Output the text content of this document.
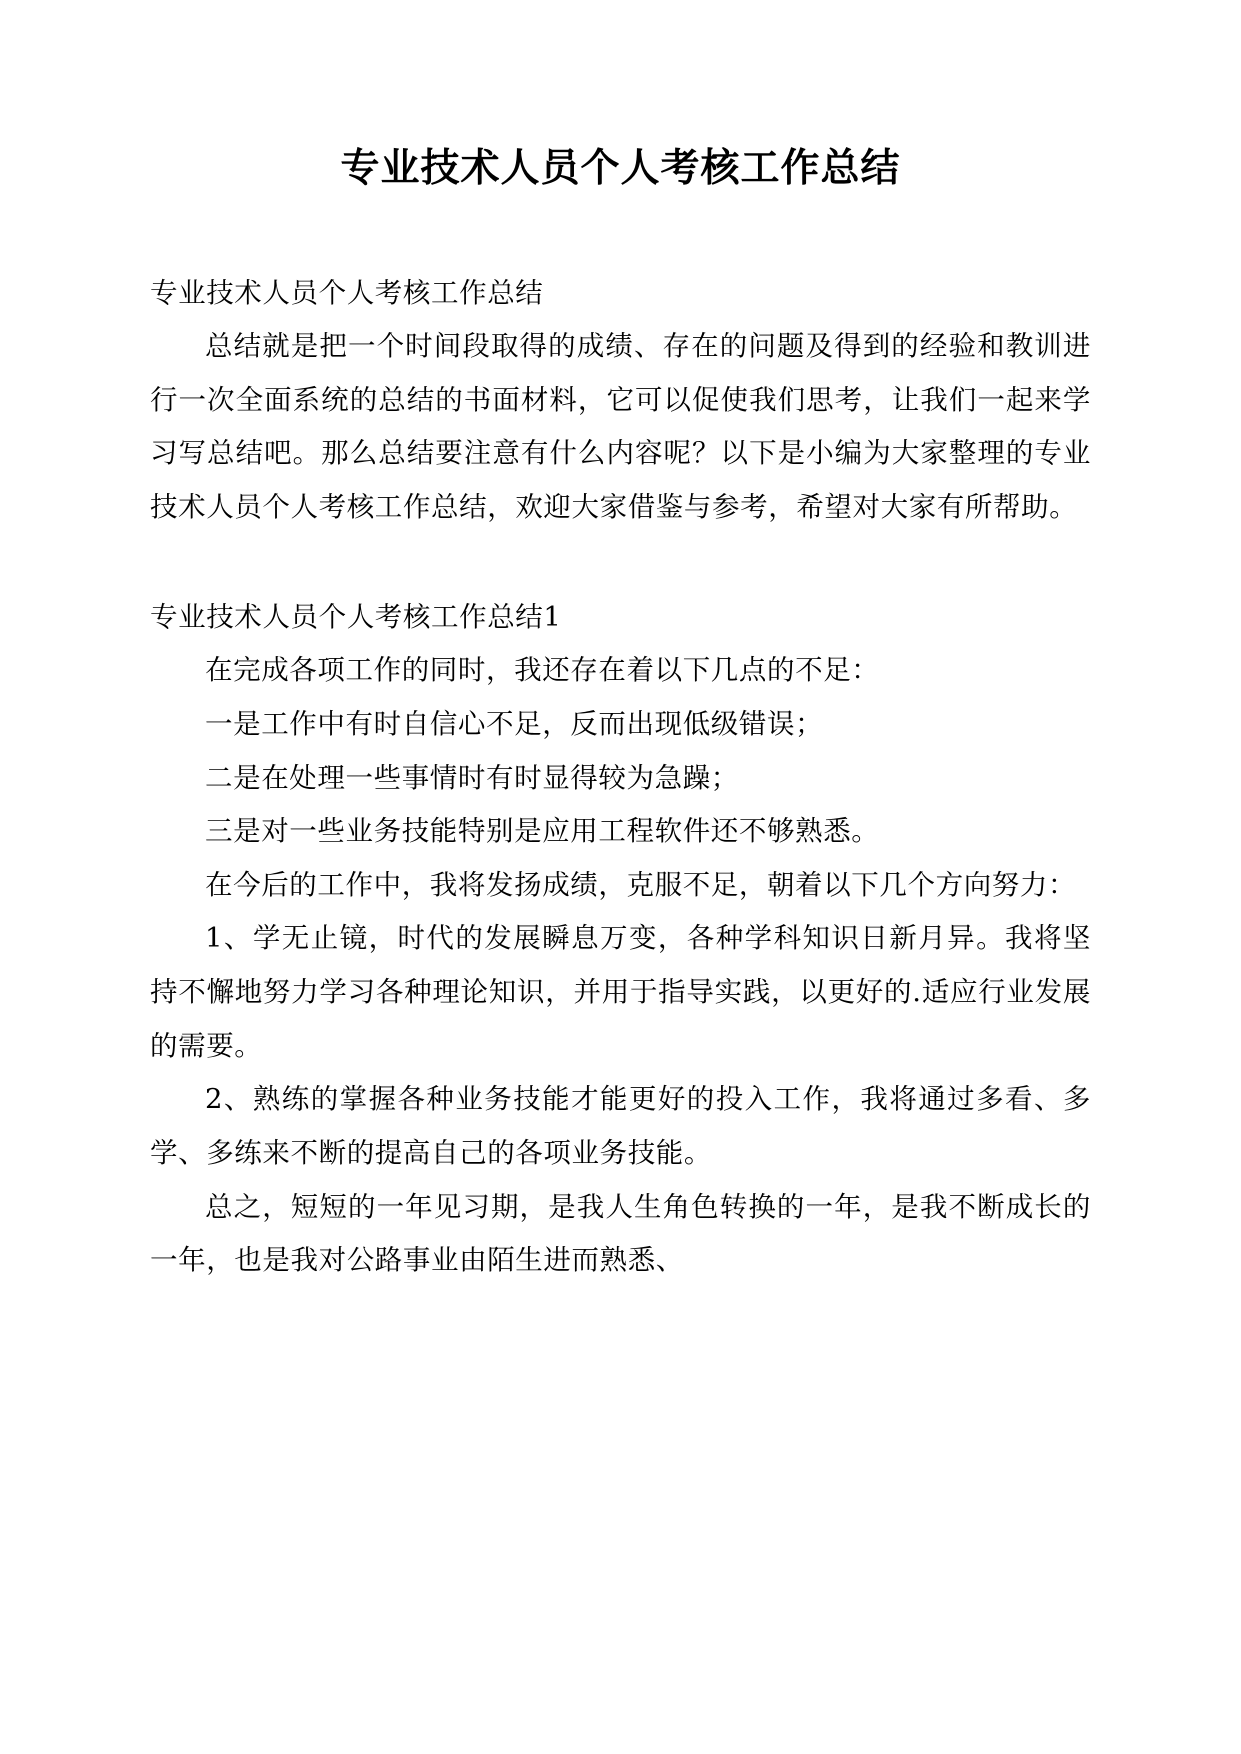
专业技术人员个人考核工作总结

专业技术人员个人考核工作总结

总结就是把一个时间段取得的成绩、存在的问题及得到的经验和教训进行一次全面系统的总结的书面材料，它可以促使我们思考，让我们一起来学习写总结吧。那么总结要注意有什么内容呢？以下是小编为大家整理的专业技术人员个人考核工作总结，欢迎大家借鉴与参考，希望对大家有所帮助。

专业技术人员个人考核工作总结1

在完成各项工作的同时，我还存在着以下几点的不足：

一是工作中有时自信心不足，反而出现低级错误；

二是在处理一些事情时有时显得较为急躁；

三是对一些业务技能特别是应用工程软件还不够熟悉。

在今后的工作中，我将发扬成绩，克服不足，朝着以下几个方向努力：

1、学无止镜，时代的发展瞬息万变，各种学科知识日新月异。我将坚持不懈地努力学习各种理论知识，并用于指导实践，以更好的.适应行业发展的需要。

2、熟练的掌握各种业务技能才能更好的投入工作，我将通过多看、多学、多练来不断的提高自己的各项业务技能。

总之，短短的一年见习期，是我人生角色转换的一年，是我不断成长的一年，也是我对公路事业由陌生进而熟悉、
